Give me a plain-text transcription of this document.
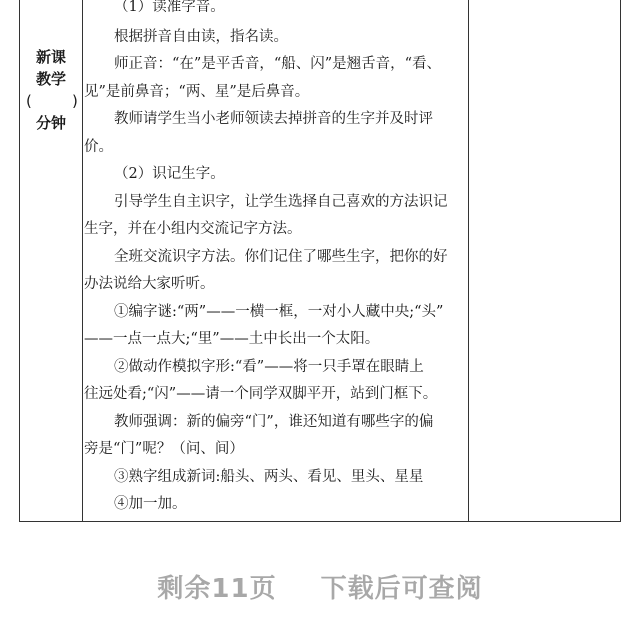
新课
教学
(	)
分钟
（1）读准字音。
根据拼音自由读，指名读。
师正音：“在”是平舌音，“船、闪”是翘舌音，“看、
见”是前鼻音；“两、星”是后鼻音。
教师请学生当小老师领读去掉拼音的生字并及时评
价。
（2）识记生字。
引导学生自主识字，让学生选择自己喜欢的方法识记
生字，并在小组内交流记字方法。
全班交流识字方法。你们记住了哪些生字，把你的好
办法说给大家听听。
①编字谜:“两”——一横一框，一对小人藏中央;“头”
——一点一点大;“里”——土中长出一个太阳。
②做动作模拟字形:“看”——将一只手罩在眼睛上
往远处看;“闪”——请一个同学双脚平开，站到门框下。
教师强调：新的偏旁“门”，谁还知道有哪些字的偏
旁是“门”呢？（问、间）
③熟字组成新词:船头、两头、看见、里头、星星
④加一加。
剩余11页 下载后可查阅
